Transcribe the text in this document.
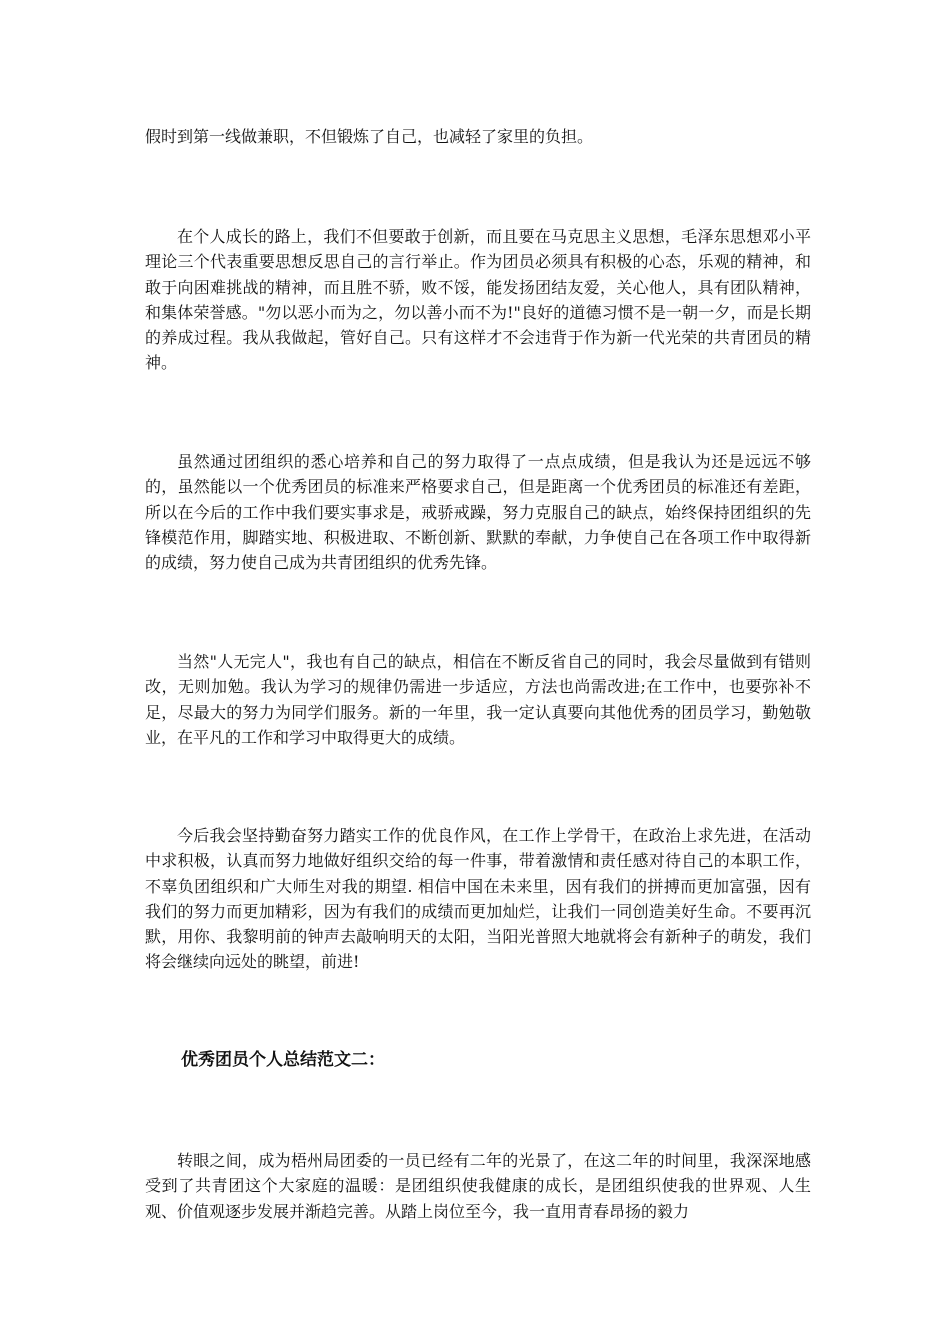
假时到第一线做兼职，不但锻炼了自己，也减轻了家里的负担。

在个人成长的路上，我们不但要敢于创新，而且要在马克思主义思想，毛泽东思想邓小平理论三个代表重要思想反思自己的言行举止。作为团员必须具有积极的心态，乐观的精神，和敢于向困难挑战的精神，而且胜不骄，败不馁，能发扬团结友爱，关心他人，具有团队精神，和集体荣誉感。"勿以恶小而为之，勿以善小而不为!"良好的道德习惯不是一朝一夕，而是长期的养成过程。我从我做起，管好自己。只有这样才不会违背于作为新一代光荣的共青团员的精神。

虽然通过团组织的悉心培养和自己的努力取得了一点点成绩，但是我认为还是远远不够的，虽然能以一个优秀团员的标准来严格要求自己，但是距离一个优秀团员的标准还有差距，所以在今后的工作中我们要实事求是，戒骄戒躁，努力克服自己的缺点，始终保持团组织的先锋模范作用，脚踏实地、积极进取、不断创新、默默的奉献，力争使自己在各项工作中取得新的成绩，努力使自己成为共青团组织的优秀先锋。

当然"人无完人"，我也有自己的缺点，相信在不断反省自己的同时，我会尽量做到有错则改，无则加勉。我认为学习的规律仍需进一步适应，方法也尚需改进;在工作中，也要弥补不足，尽最大的努力为同学们服务。新的一年里，我一定认真要向其他优秀的团员学习，勤勉敬业，在平凡的工作和学习中取得更大的成绩。

今后我会坚持勤奋努力踏实工作的优良作风，在工作上学骨干，在政治上求先进，在活动中求积极，认真而努力地做好组织交给的每一件事，带着激情和责任感对待自己的本职工作，不辜负团组织和广大师生对我的期望. 相信中国在未来里，因有我们的拼搏而更加富强，因有我们的努力而更加精彩，因为有我们的成绩而更加灿烂，让我们一同创造美好生命。不要再沉默，用你、我黎明前的钟声去敲响明天的太阳，当阳光普照大地就将会有新种子的萌发，我们将会继续向远处的眺望，前进!

优秀团员个人总结范文二：

转眼之间，成为梧州局团委的一员已经有二年的光景了，在这二年的时间里，我深深地感受到了共青团这个大家庭的温暖：是团组织使我健康的成长，是团组织使我的世界观、人生观、价值观逐步发展并渐趋完善。从踏上岗位至今，我一直用青春昂扬的毅力
